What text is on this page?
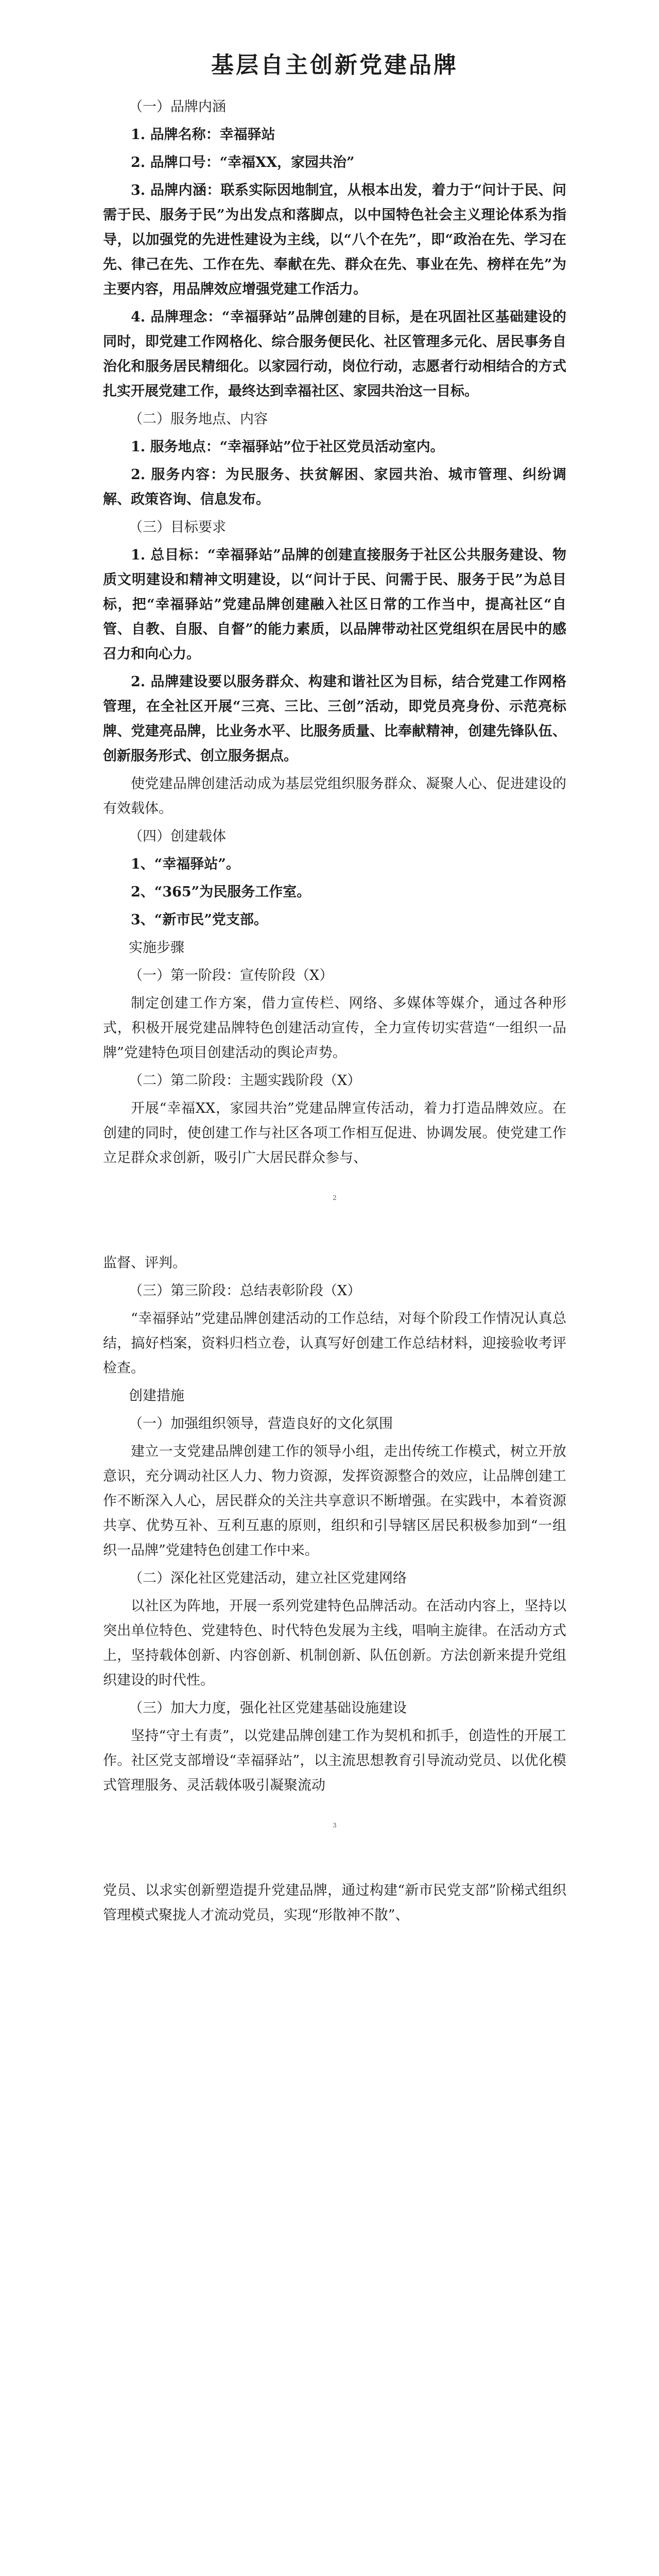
基层自主创新党建品牌

（一）品牌内涵

1. 品牌名称：幸福驿站

2. 品牌口号：“幸福XX，家园共治”

3. 品牌内涵：联系实际因地制宜，从根本出发，着力于“问计于民、问需于民、服务于民”为出发点和落脚点，以中国特色社会主义理论体系为指导，以加强党的先进性建设为主线，以“八个在先”，即“政治在先、学习在先、律己在先、工作在先、奉献在先、群众在先、事业在先、榜样在先”为主要内容，用品牌效应增强党建工作活力。

4. 品牌理念：“幸福驿站”品牌创建的目标，是在巩固社区基础建设的同时，即党建工作网格化、综合服务便民化、社区管理多元化、居民事务自治化和服务居民精细化。以家园行动，岗位行动，志愿者行动相结合的方式扎实开展党建工作，最终达到幸福社区、家园共治这一目标。

（二）服务地点、内容

1. 服务地点：“幸福驿站”位于社区党员活动室内。

2. 服务内容：为民服务、扶贫解困、家园共治、城市管理、纠纷调解、政策咨询、信息发布。

（三）目标要求

1. 总目标：“幸福驿站”品牌的创建直接服务于社区公共服务建设、物质文明建设和精神文明建设，以“问计于民、问需于民、服务于民”为总目标，把“幸福驿站”党建品牌创建融入社区日常的工作当中，提高社区“自管、自教、自服、自督”的能力素质，以品牌带动社区党组织在居民中的感召力和向心力。

2. 品牌建设要以服务群众、构建和谐社区为目标，结合党建工作网格管理，在全社区开展“三亮、三比、三创”活动，即党员亮身份、示范亮标牌、党建亮品牌，比业务水平、比服务质量、比奉献精神，创建先锋队伍、创新服务形式、创立服务据点。

使党建品牌创建活动成为基层党组织服务群众、凝聚人心、促进建设的有效载体。

（四）创建载体

1、“幸福驿站”。

2、“365”为民服务工作室。

3、“新市民”党支部。

实施步骤

（一）第一阶段：宣传阶段（X）

制定创建工作方案，借力宣传栏、网络、多媒体等媒介，通过各种形式，积极开展党建品牌特色创建活动宣传，全力宣传切实营造“一组织一品牌”党建特色项目创建活动的舆论声势。

（二）第二阶段：主题实践阶段（X）

开展“幸福XX，家园共治”党建品牌宣传活动，着力打造品牌效应。在创建的同时，使创建工作与社区各项工作相互促进、协调发展。使党建工作立足群众求创新，吸引广大居民群众参与、

2

监督、评判。

（三）第三阶段：总结表彰阶段（X）

“幸福驿站”党建品牌创建活动的工作总结，对每个阶段工作情况认真总结，搞好档案，资料归档立卷，认真写好创建工作总结材料，迎接验收考评检查。

创建措施

（一）加强组织领导，营造良好的文化氛围

建立一支党建品牌创建工作的领导小组，走出传统工作模式，树立开放意识，充分调动社区人力、物力资源，发挥资源整合的效应，让品牌创建工作不断深入人心，居民群众的关注共享意识不断增强。在实践中，本着资源共享、优势互补、互利互惠的原则，组织和引导辖区居民积极参加到“一组织一品牌”党建特色创建工作中来。

（二）深化社区党建活动，建立社区党建网络

以社区为阵地，开展一系列党建特色品牌活动。在活动内容上，坚持以突出单位特色、党建特色、时代特色发展为主线，唱响主旋律。在活动方式上，坚持载体创新、内容创新、机制创新、队伍创新。方法创新来提升党组织建设的时代性。

（三）加大力度，强化社区党建基础设施建设

坚持“守土有责”，以党建品牌创建工作为契机和抓手，创造性的开展工作。社区党支部增设“幸福驿站”，以主流思想教育引导流动党员、以优化模式管理服务、灵活载体吸引凝聚流动

3

党员、以求实创新塑造提升党建品牌，通过构建“新市民党支部”阶梯式组织管理模式聚拢人才流动党员，实现“形散神不散”、
